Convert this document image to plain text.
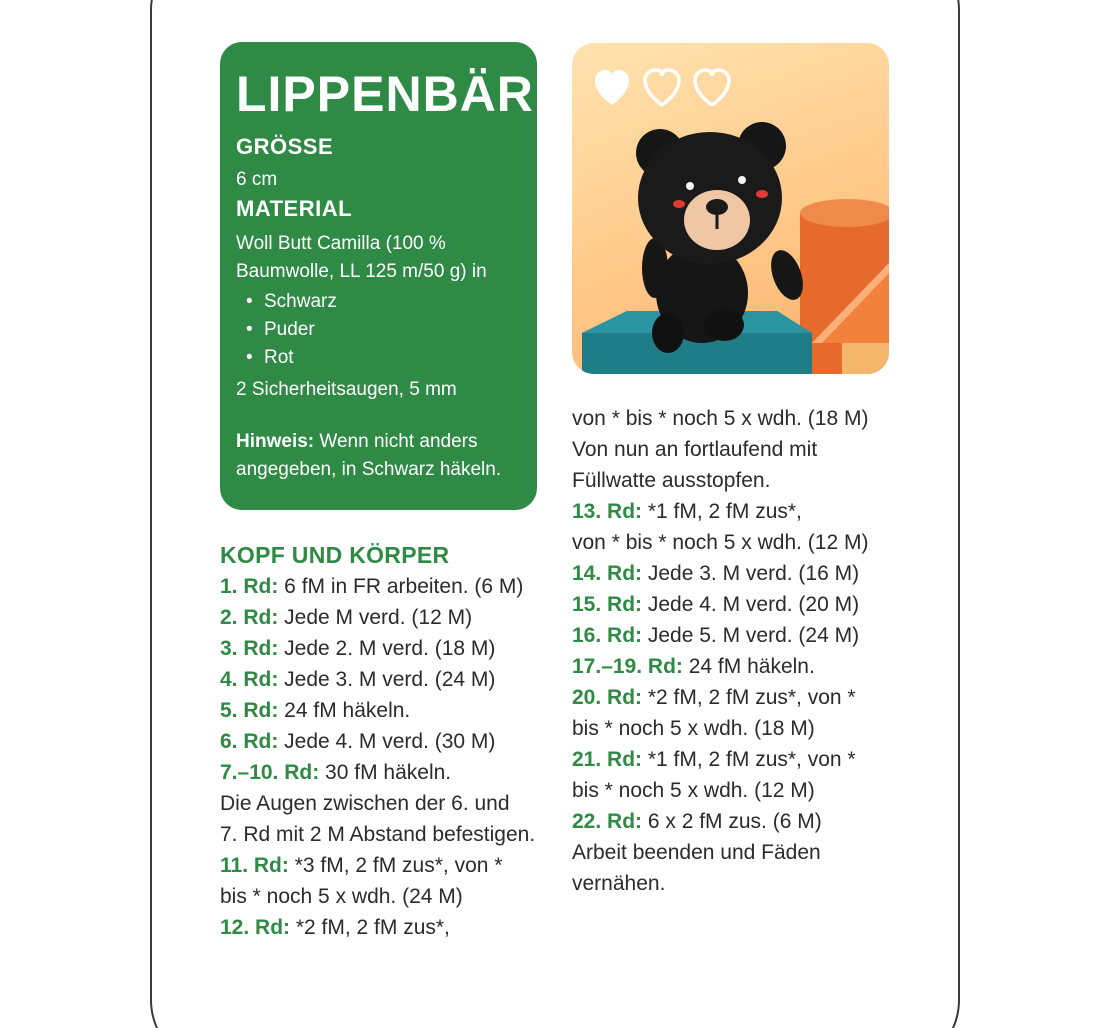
LIPPENBÄR
GRÖSSE
6 cm
MATERIAL
Woll Butt Camilla (100 %
Baumwolle, LL 125 m/50 g) in
• Schwarz
• Puder
• Rot
2 Sicherheitsaugen, 5 mm
Hinweis: Wenn nicht anders
angegeben, in Schwarz häkeln.
KOPF UND KÖRPER
1. Rd: 6 fM in FR arbeiten. (6 M)
2. Rd: Jede M verd. (12 M)
3. Rd: Jede 2. M verd. (18 M)
4. Rd: Jede 3. M verd. (24 M)
5. Rd: 24 fM häkeln.
6. Rd: Jede 4. M verd. (30 M)
7.–10. Rd: 30 fM häkeln.
Die Augen zwischen der 6. und
7. Rd mit 2 M Abstand befestigen.
11. Rd: *3 fM, 2 fM zus*, von *
bis * noch 5 x wdh. (24 M)
12. Rd: *2 fM, 2 fM zus*,
von * bis * noch 5 x wdh. (18 M)
Von nun an fortlaufend mit
Füllwatte ausstopfen.
13. Rd: *1 fM, 2 fM zus*,
von * bis * noch 5 x wdh. (12 M)
14. Rd: Jede 3. M verd. (16 M)
15. Rd: Jede 4. M verd. (20 M)
16. Rd: Jede 5. M verd. (24 M)
17.–19. Rd: 24 fM häkeln.
20. Rd: *2 fM, 2 fM zus*, von *
bis * noch 5 x wdh. (18 M)
21. Rd: *1 fM, 2 fM zus*, von *
bis * noch 5 x wdh. (12 M)
22. Rd: 6 x 2 fM zus. (6 M)
Arbeit beenden und Fäden
vernähen.
